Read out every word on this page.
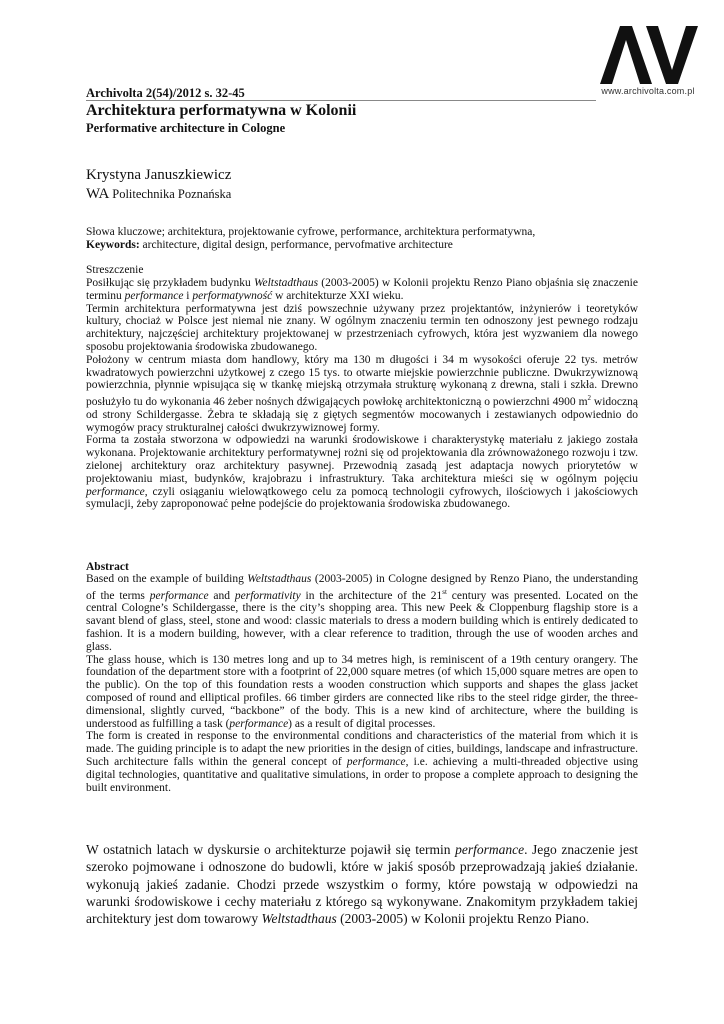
www.archivolta.com.pl
Archivolta 2(54)/2012 s. 32-45
Architektura performatywna w Kolonii
Performative architecture in Cologne
Krystyna Januszkiewicz
WA Politechnika Poznańska
Słowa kluczowe; architektura, projektowanie cyfrowe, performance, architektura performatywna,
Keywords: architecture, digital design, performance, pervofmative architecture
Streszczenie

Posiłkując się przykładem budynku Weltstadthaus (2003-2005) w Kolonii projektu Renzo Piano objaśnia się znaczenie terminu performance i performatywność w architekturze XXI wieku.

Termin architektura performatywna jest dziś powszechnie używany przez projektantów, inżynierów i teoretyków kultury, chociaż w Polsce jest niemal nie znany. W ogólnym znaczeniu termin ten odnoszony jest pewnego rodzaju architektury, najczęściej architektury projektowanej w przestrzeniach cyfrowych, która jest wyzwaniem dla nowego sposobu projektowania środowiska zbudowanego.

Położony w centrum miasta dom handlowy, który ma 130 m długości i 34 m wysokości oferuje 22 tys. metrów kwadratowych powierzchni użytkowej z czego 15 tys. to otwarte miejskie powierzchnie publiczne. Dwukrzywiznową powierzchnia, płynnie wpisująca się w tkankę miejską otrzymała strukturę wykonaną z drewna, stali i szkła. Drewno posłużyło tu do wykonania 46 żeber nośnych dźwigających powłokę architektoniczną o powierzchni 4900 $m^2$ widoczną od strony Schildergasse. Żebra te składają się z giętych segmentów mocowanych i zestawianych odpowiednio do wymogów pracy strukturalnej całości dwukrzywiznowej formy.

Forma ta została stworzona w odpowiedzi na warunki środowiskowe i charakterystykę materiału z jakiego została wykonana. Projektowanie architektury performatywnej rożni się od projektowania dla zrównoważonego rozwoju i tzw. zielonej architektury oraz architektury pasywnej. Przewodnią zasadą jest adaptacja nowych priorytetów w projektowaniu miast, budynków, krajobrazu i infrastruktury. Taka architektura mieści się w ogólnym pojęciu performance, czyli osiąganiu wielowątkowego celu za pomocą technologii cyfrowych, ilościowych i jakościowych symulacji, żeby zaproponować pełne podejście do projektowania środowiska zbudowanego.

Abstract

Based on the example of building Weltstadthaus (2003-2005) in Cologne designed by Renzo Piano, the understanding of the terms performance and performativity in the architecture of the 21st century was presented. Located on the central Cologne’s Schildergasse, there is the city’s shopping area. This new Peek & Cloppenburg flagship store is a savant blend of glass, steel, stone and wood: classic materials to dress a modern building which is entirely dedicated to fashion. It is a modern building, however, with a clear reference to tradition, through the use of wooden arches and glass.

The glass house, which is 130 metres long and up to 34 metres high, is reminiscent of a 19th century orangery. The foundation of the department store with a footprint of 22,000 square metres (of which 15,000 square metres are open to the public). On the top of this foundation rests a wooden construction which supports and shapes the glass jacket composed of round and elliptical profiles. 66 timber girders are connected like ribs to the steel ridge girder, the three-dimensional, slightly curved, “backbone” of the body. This is a new kind of architecture, where the building is understood as fulfilling a task (performance) as a result of digital processes.

The form is created in response to the environmental conditions and characteristics of the material from which it is made. The guiding principle is to adapt the new priorities in the design of cities, buildings, landscape and infrastructure. Such architecture falls within the general concept of performance, i.e. achieving a multi-threaded objective using digital technologies, quantitative and qualitative simulations, in order to propose a complete approach to designing the built environment.

W ostatnich latach w dyskursie o architekturze pojawił się termin performance. Jego znaczenie jest szeroko pojmowane i odnoszone do budowli, które w jakiś sposób przeprowadzają jakieś działanie. wykonują jakieś zadanie. Chodzi przede wszystkim o formy, które powstają w odpowiedzi na warunki środowiskowe i cechy materiału z którego są wykonywane. Znakomitym przykładem takiej architektury jest dom towarowy Weltstadthaus (2003-2005) w Kolonii projektu Renzo Piano.
